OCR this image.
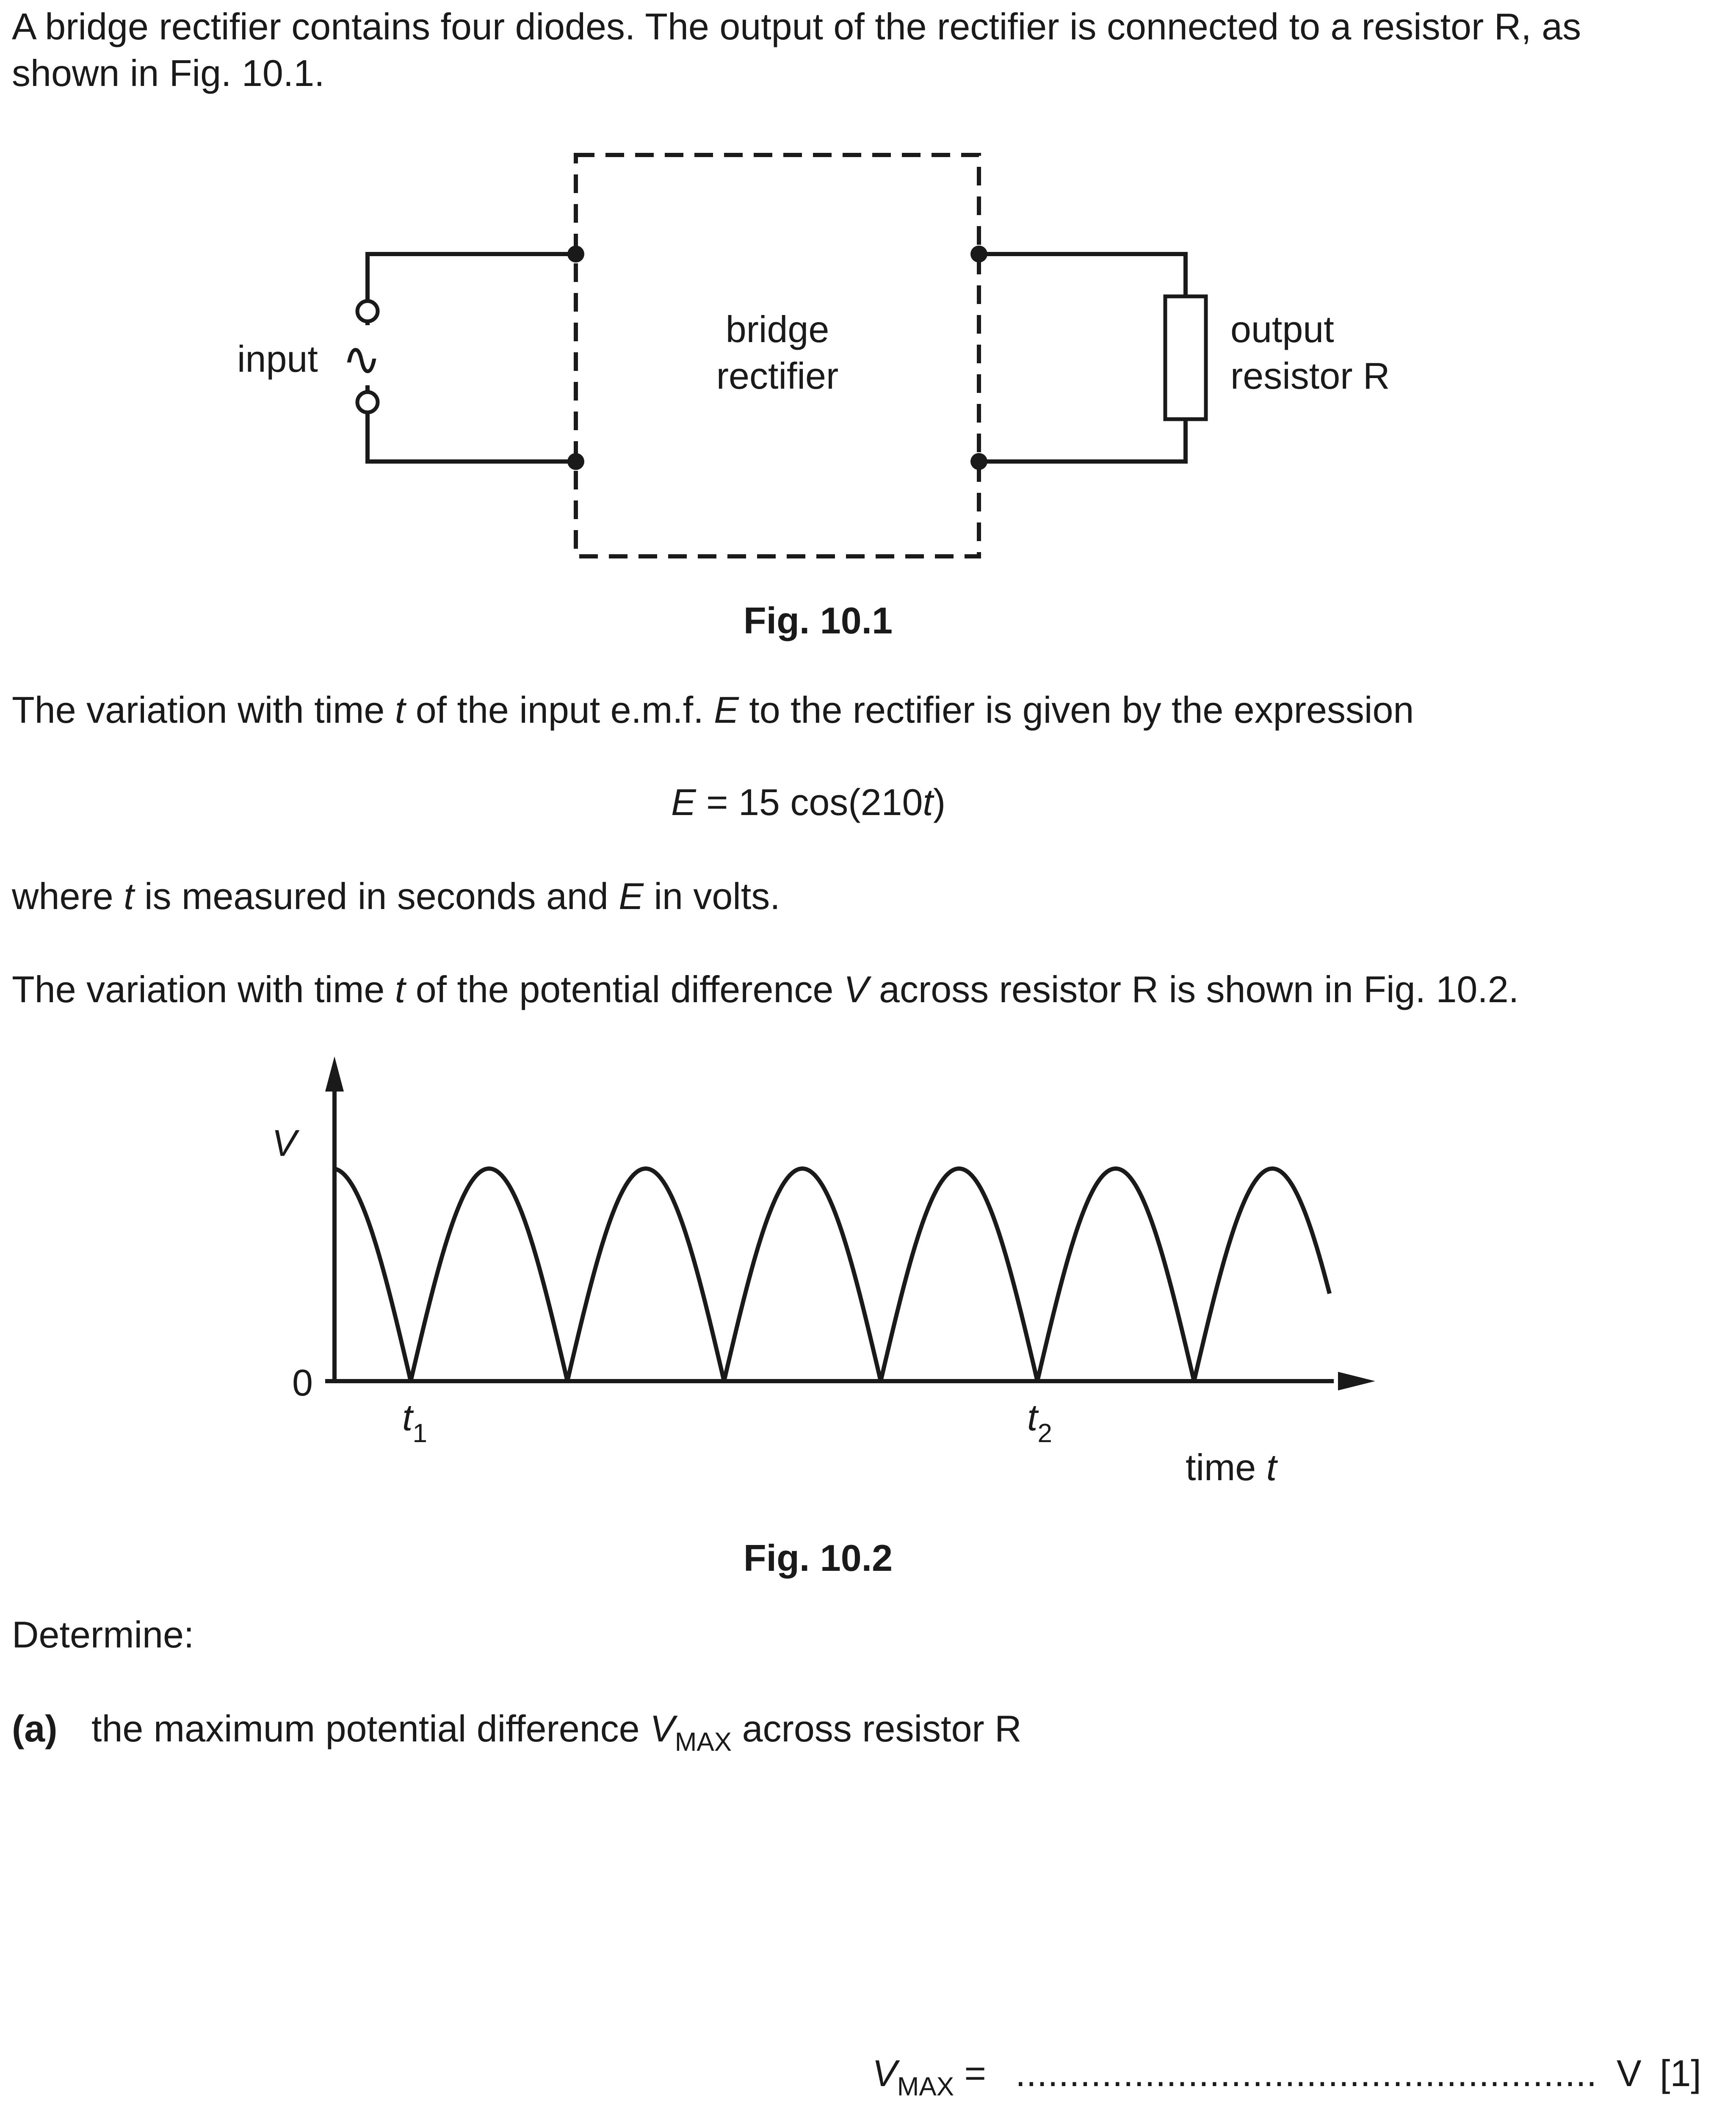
A bridge rectifier contains four diodes. The output of the rectifier is connected to a resistor R, as

shown in Fig. 10.1.

input ∿
bridge
rectifier
output
resistor R
Fig. 10.1

The variation with time t of the input e.m.f. E to the rectifier is given by the expression

E = 15 cos(210t)

where t is measured in seconds and E in volts.

The variation with time t of the potential difference V across resistor R is shown in Fig. 10.2.

V
0
$t_1$	$t_2$
time t
Fig. 10.2

Determine:

(a) the maximum potential difference $V_{MAX}$ across resistor R

$V_{MAX}$ = ...................................................... V [1]
